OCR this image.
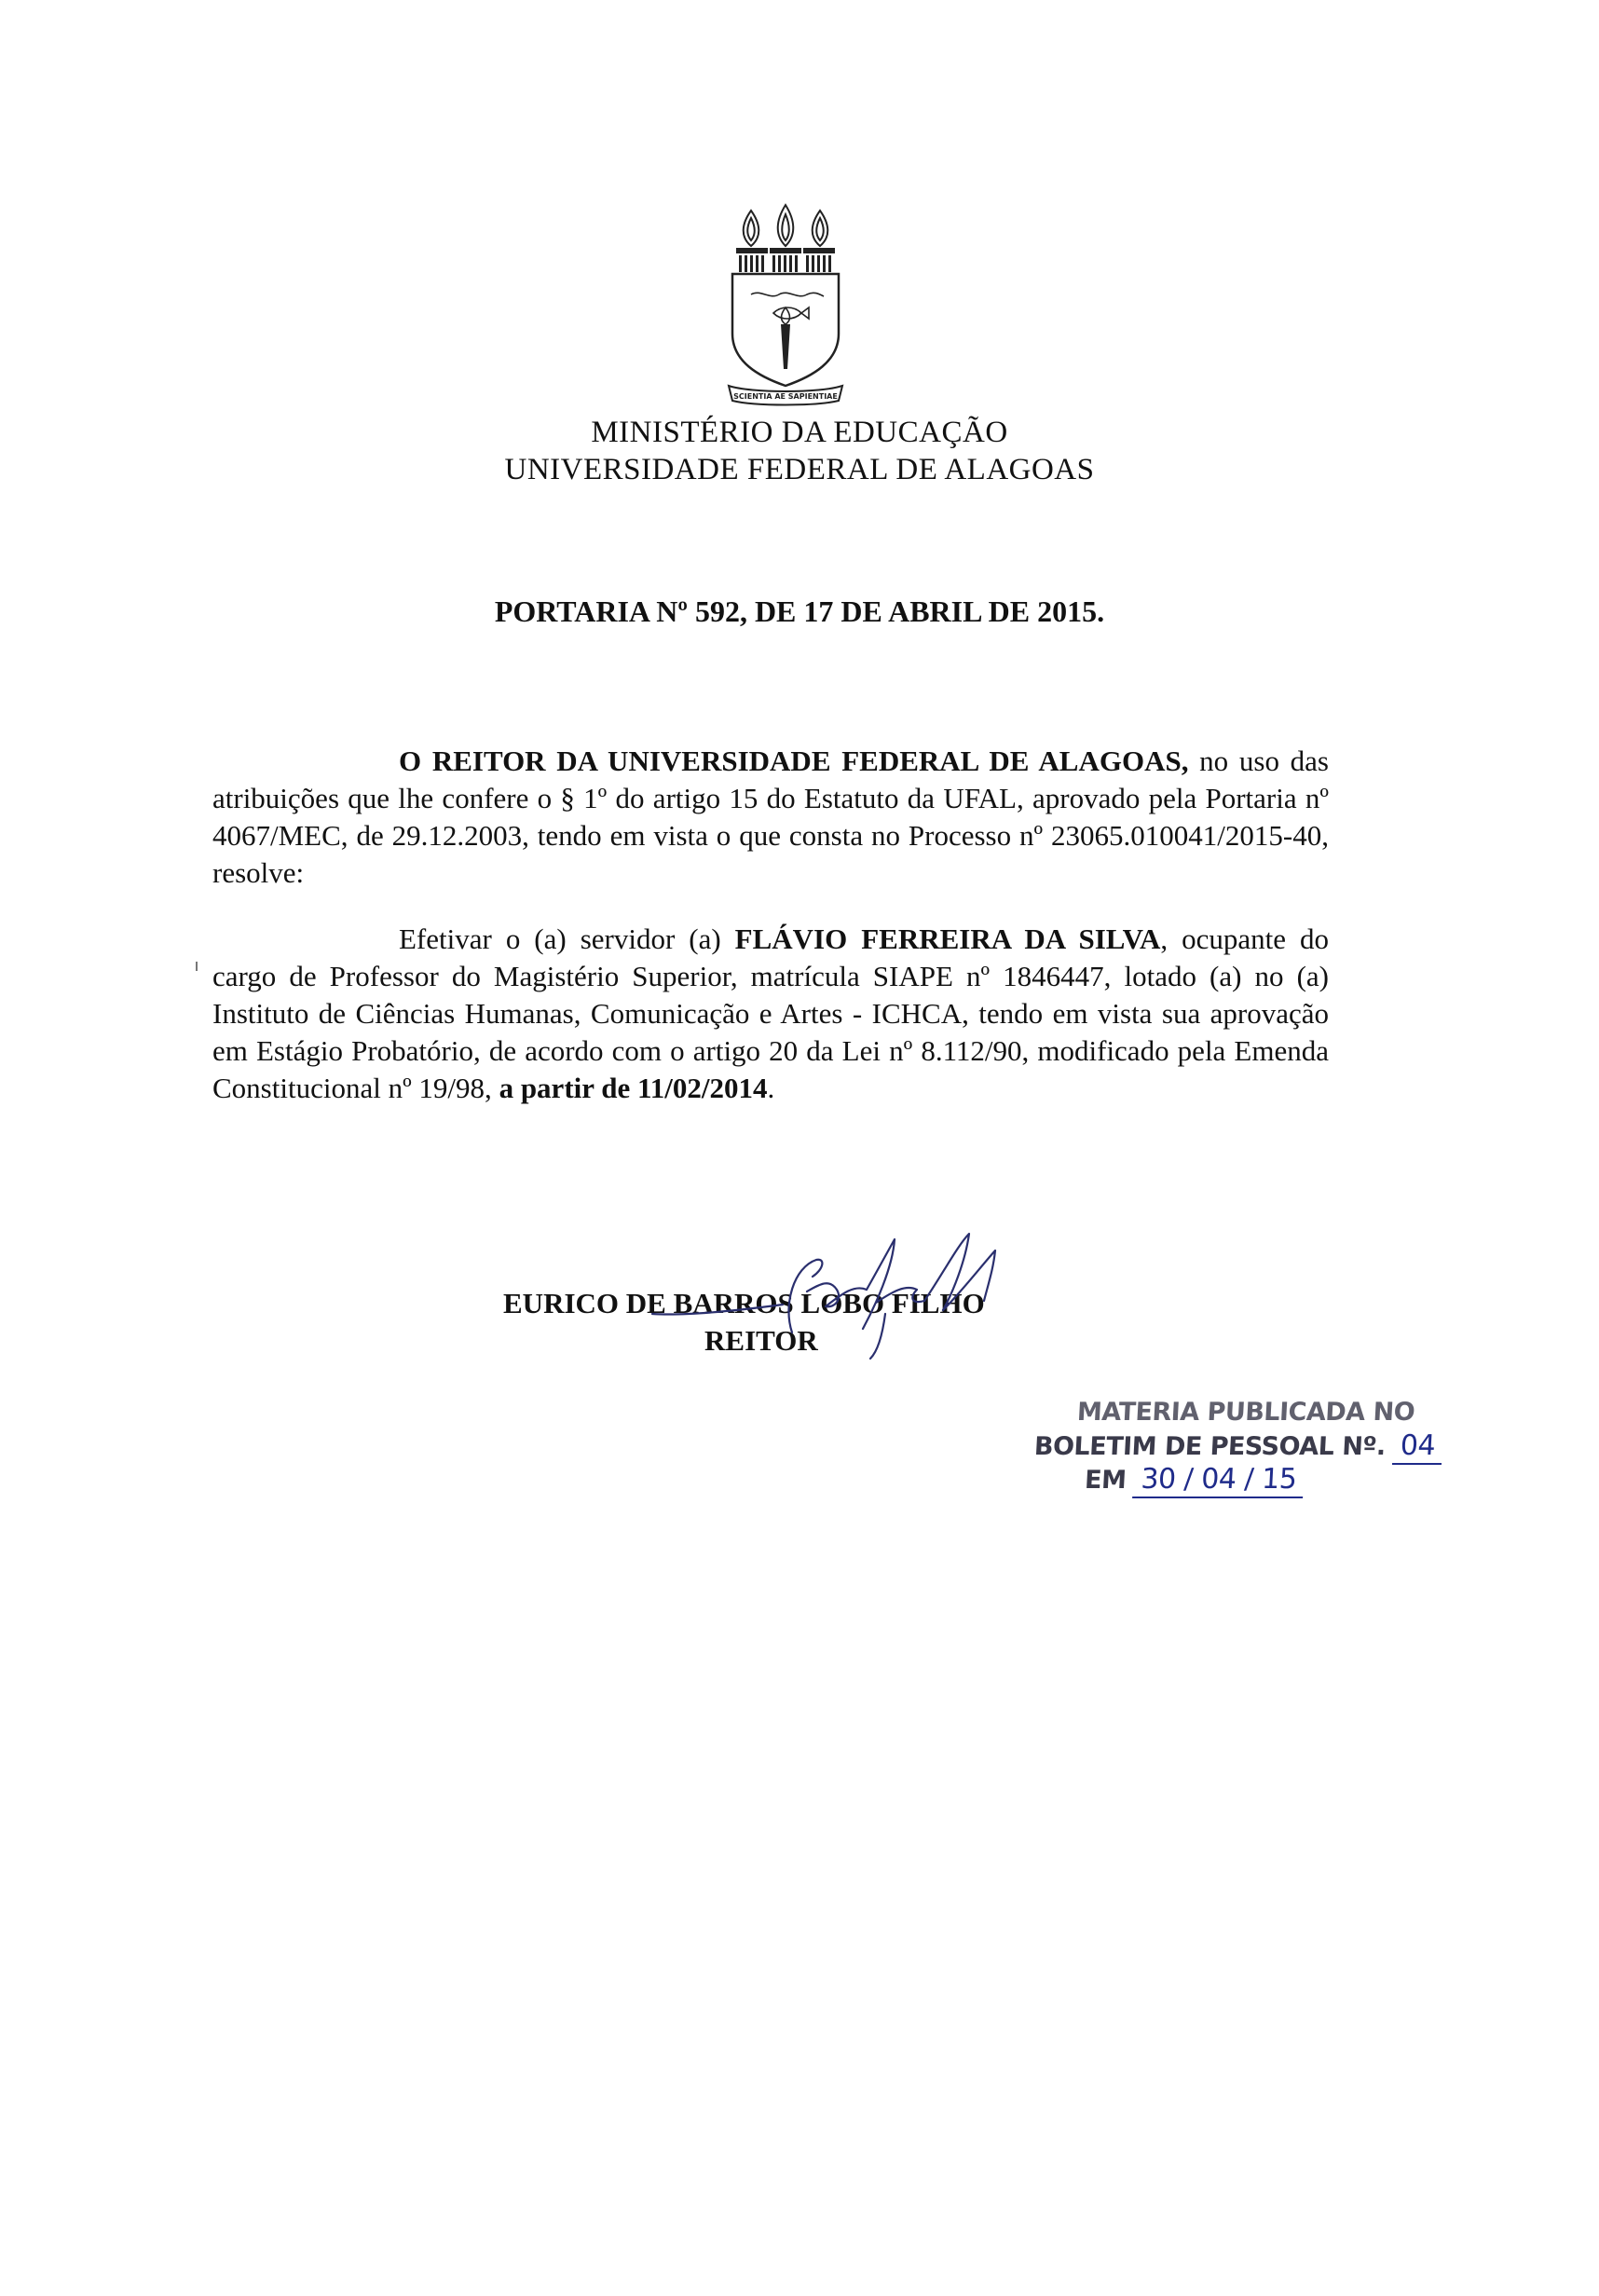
SCIENTIA AE SAPIENTIAE
MINISTÉRIO DA EDUCAÇÃO
UNIVERSIDADE FEDERAL DE ALAGOAS
PORTARIA Nº 592, DE 17 DE ABRIL DE 2015.
O REITOR DA UNIVERSIDADE FEDERAL DE ALAGOAS, no uso das atribuições que lhe confere o § 1º do artigo 15 do Estatuto da UFAL, aprovado pela Portaria nº 4067/MEC, de 29.12.2003, tendo em vista o que consta no Processo nº 23065.010041/2015-40, resolve:
Efetivar o (a) servidor (a) FLÁVIO FERREIRA DA SILVA, ocupante do cargo de Professor do Magistério Superior, matrícula SIAPE nº 1846447, lotado (a) no (a) Instituto de Ciências Humanas, Comunicação e Artes - ICHCA, tendo em vista sua aprovação em Estágio Probatório, de acordo com o artigo 20 da Lei nº 8.112/90, modificado pela Emenda Constitucional nº 19/98, a partir de 11/02/2014.
EURICO DE BARROS LOBO FILHO
REITOR
MATERIA PUBLICADA NO
BOLETIM DE PESSOAL Nº. 04
EM 30 / 04 / 15
